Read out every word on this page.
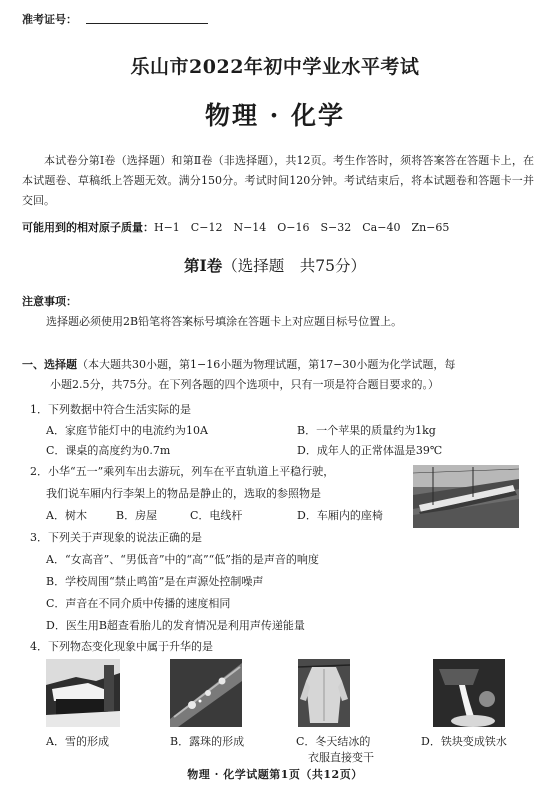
准考证号：
乐山市2022年初中学业水平考试
物理 · 化学
本试卷分第Ⅰ卷（选择题）和第Ⅱ卷（非选择题），共12页。考生作答时，须将答案答在答题卡上，在本试题卷、草稿纸上答题无效。满分150分。考试时间120分钟。考试结束后，将本试题卷和答题卡一并交回。
可能用到的相对原子质量：H−1　C−12　N−14　O−16　S−32　Ca−40　Zn−65
第Ⅰ卷（选择题　共75分）
注意事项：
选择题必须使用2B铅笔将答案标号填涂在答题卡上对应题目标号位置上。
一、选择题（本大题共30小题，第1−16小题为物理试题，第17−30小题为化学试题，每
小题2.5分，共75分。在下列各题的四个选项中，只有一项是符合题目要求的。）
1．下列数据中符合生活实际的是
A．家庭节能灯中的电流约为10A	B．一个苹果的质量约为1kg
C．课桌的高度约为0.7m	D．成年人的正常体温是39℃
2．小华“五一”乘列车出去游玩，列车在平直轨道上平稳行驶，
我们说车厢内行李架上的物品是静止的，选取的参照物是
A．树木	B．房屋	C．电线杆	D．车厢内的座椅
3．下列关于声现象的说法正确的是
A．“女高音”、“男低音”中的“高”“低”指的是声音的响度
B．学校周围“禁止鸣笛”是在声源处控制噪声
C．声音在不同介质中传播的速度相同
D．医生用B超查看胎儿的发育情况是利用声传递能量
4．下列物态变化现象中属于升华的是
A．雪的形成	B．露珠的形成	C．冬天结冰的
衣服直接变干
D．铁块变成铁水
物理 · 化学试题第1页（共12页）
